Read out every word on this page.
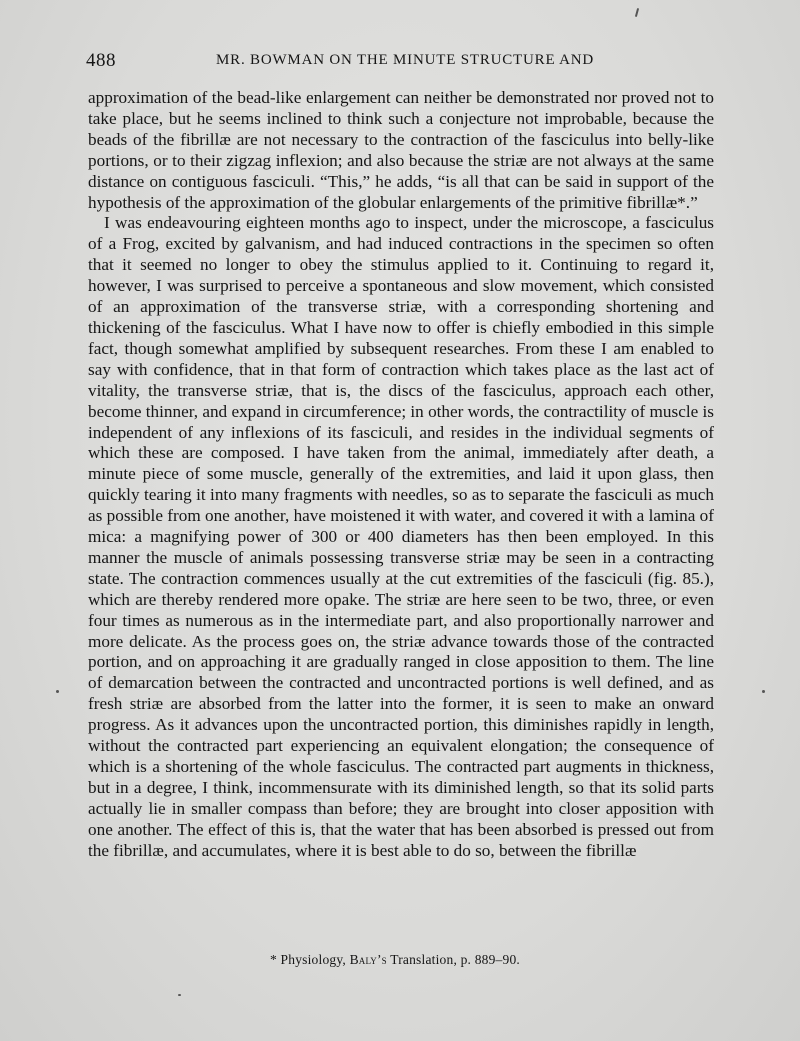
488	MR. BOWMAN ON THE MINUTE STRUCTURE AND

approximation of the bead-like enlargement can neither be demonstrated nor proved not to take place, but he seems inclined to think such a conjecture not improbable, because the beads of the fibrillæ are not necessary to the contraction of the fasciculus into belly-like portions, or to their zigzag inflexion; and also because the striæ are not always at the same distance on contiguous fasciculi. “This,” he adds, “is all that can be said in support of the hypothesis of the approximation of the globular enlargements of the primitive fibrillæ*.”

I was endeavouring eighteen months ago to inspect, under the microscope, a fasciculus of a Frog, excited by galvanism, and had induced contractions in the specimen so often that it seemed no longer to obey the stimulus applied to it. Continuing to regard it, however, I was surprised to perceive a spontaneous and slow movement, which consisted of an approximation of the transverse striæ, with a corresponding shortening and thickening of the fasciculus. What I have now to offer is chiefly embodied in this simple fact, though somewhat amplified by subsequent researches. From these I am enabled to say with confidence, that in that form of contraction which takes place as the last act of vitality, the transverse striæ, that is, the discs of the fasciculus, approach each other, become thinner, and expand in circumference; in other words, the contractility of muscle is independent of any inflexions of its fasciculi, and resides in the individual segments of which these are composed. I have taken from the animal, immediately after death, a minute piece of some muscle, generally of the extremities, and laid it upon glass, then quickly tearing it into many fragments with needles, so as to separate the fasciculi as much as possible from one another, have moistened it with water, and covered it with a lamina of mica: a magnifying power of 300 or 400 diameters has then been employed. In this manner the muscle of animals possessing transverse striæ may be seen in a contracting state. The contraction commences usually at the cut extremities of the fasciculi (fig. 85.), which are thereby rendered more opake. The striæ are here seen to be two, three, or even four times as numerous as in the intermediate part, and also proportionally narrower and more delicate. As the process goes on, the striæ advance towards those of the contracted portion, and on approaching it are gradually ranged in close apposition to them. The line of demarcation between the contracted and uncontracted portions is well defined, and as fresh striæ are absorbed from the latter into the former, it is seen to make an onward progress. As it advances upon the uncontracted portion, this diminishes rapidly in length, without the contracted part experiencing an equivalent elongation; the consequence of which is a shortening of the whole fasciculus. The contracted part augments in thickness, but in a degree, I think, incommensurate with its diminished length, so that its solid parts actually lie in smaller compass than before; they are brought into closer apposition with one another. The effect of this is, that the water that has been absorbed is pressed out from the fibrillæ, and accumulates, where it is best able to do so, between the fibrillæ

* Physiology, Baly’s Translation, p. 889–90.
